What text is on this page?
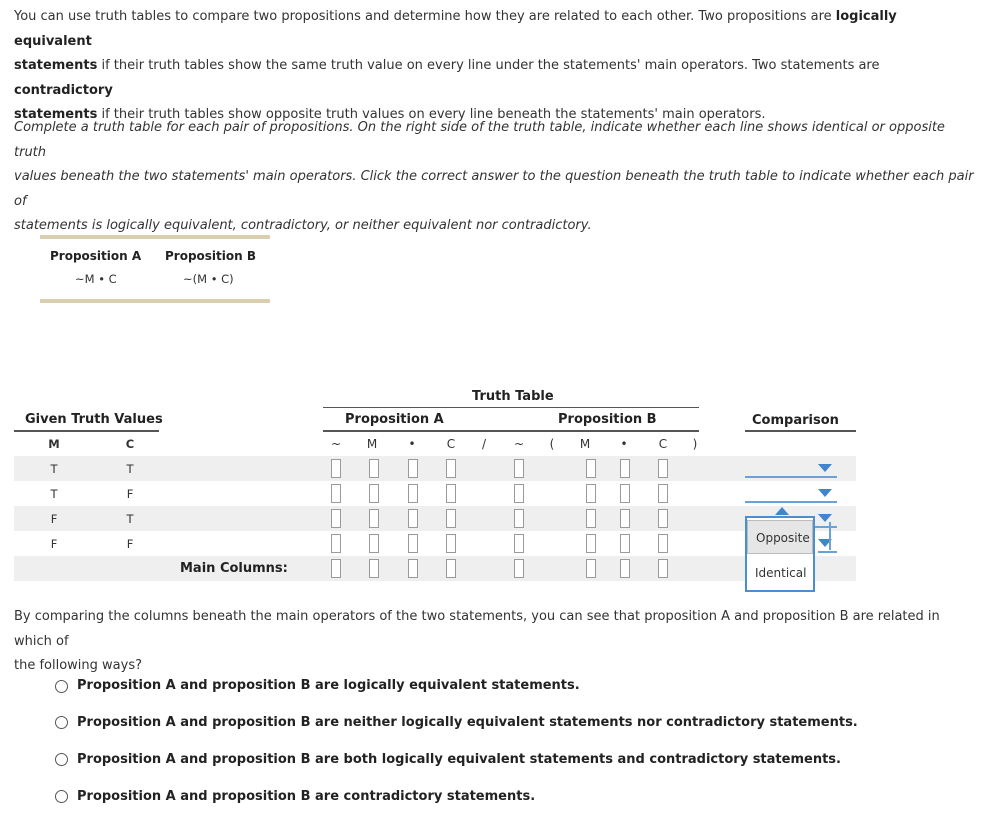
You can use truth tables to compare two propositions and determine how they are related to each other. Two propositions are logically equivalent
statements if their truth tables show the same truth value on every line under the statements' main operators. Two statements are contradictory
statements if their truth tables show opposite truth values on every line beneath the statements' main operators.
Complete a truth table for each pair of propositions. On the right side of the truth table, indicate whether each line shows identical or opposite truth
values beneath the two statements' main operators. Click the correct answer to the question beneath the truth table to indicate whether each pair of
statements is logically equivalent, contradictory, or neither equivalent nor contradictory.
Proposition A Proposition B
~M • C	~(M • C)
Truth Table
Given Truth Values	Proposition A	Proposition B	Comparison
M	C	~ M	•	C	/	~	(	M	•	C	)
T	T
T	F
F	T
F	F
Main Columns:
Opposite
Identical
By comparing the columns beneath the main operators of the two statements, you can see that proposition A and proposition B are related in which of
the following ways?
Proposition A and proposition B are logically equivalent statements.
Proposition A and proposition B are neither logically equivalent statements nor contradictory statements.
Proposition A and proposition B are both logically equivalent statements and contradictory statements.
Proposition A and proposition B are contradictory statements.
